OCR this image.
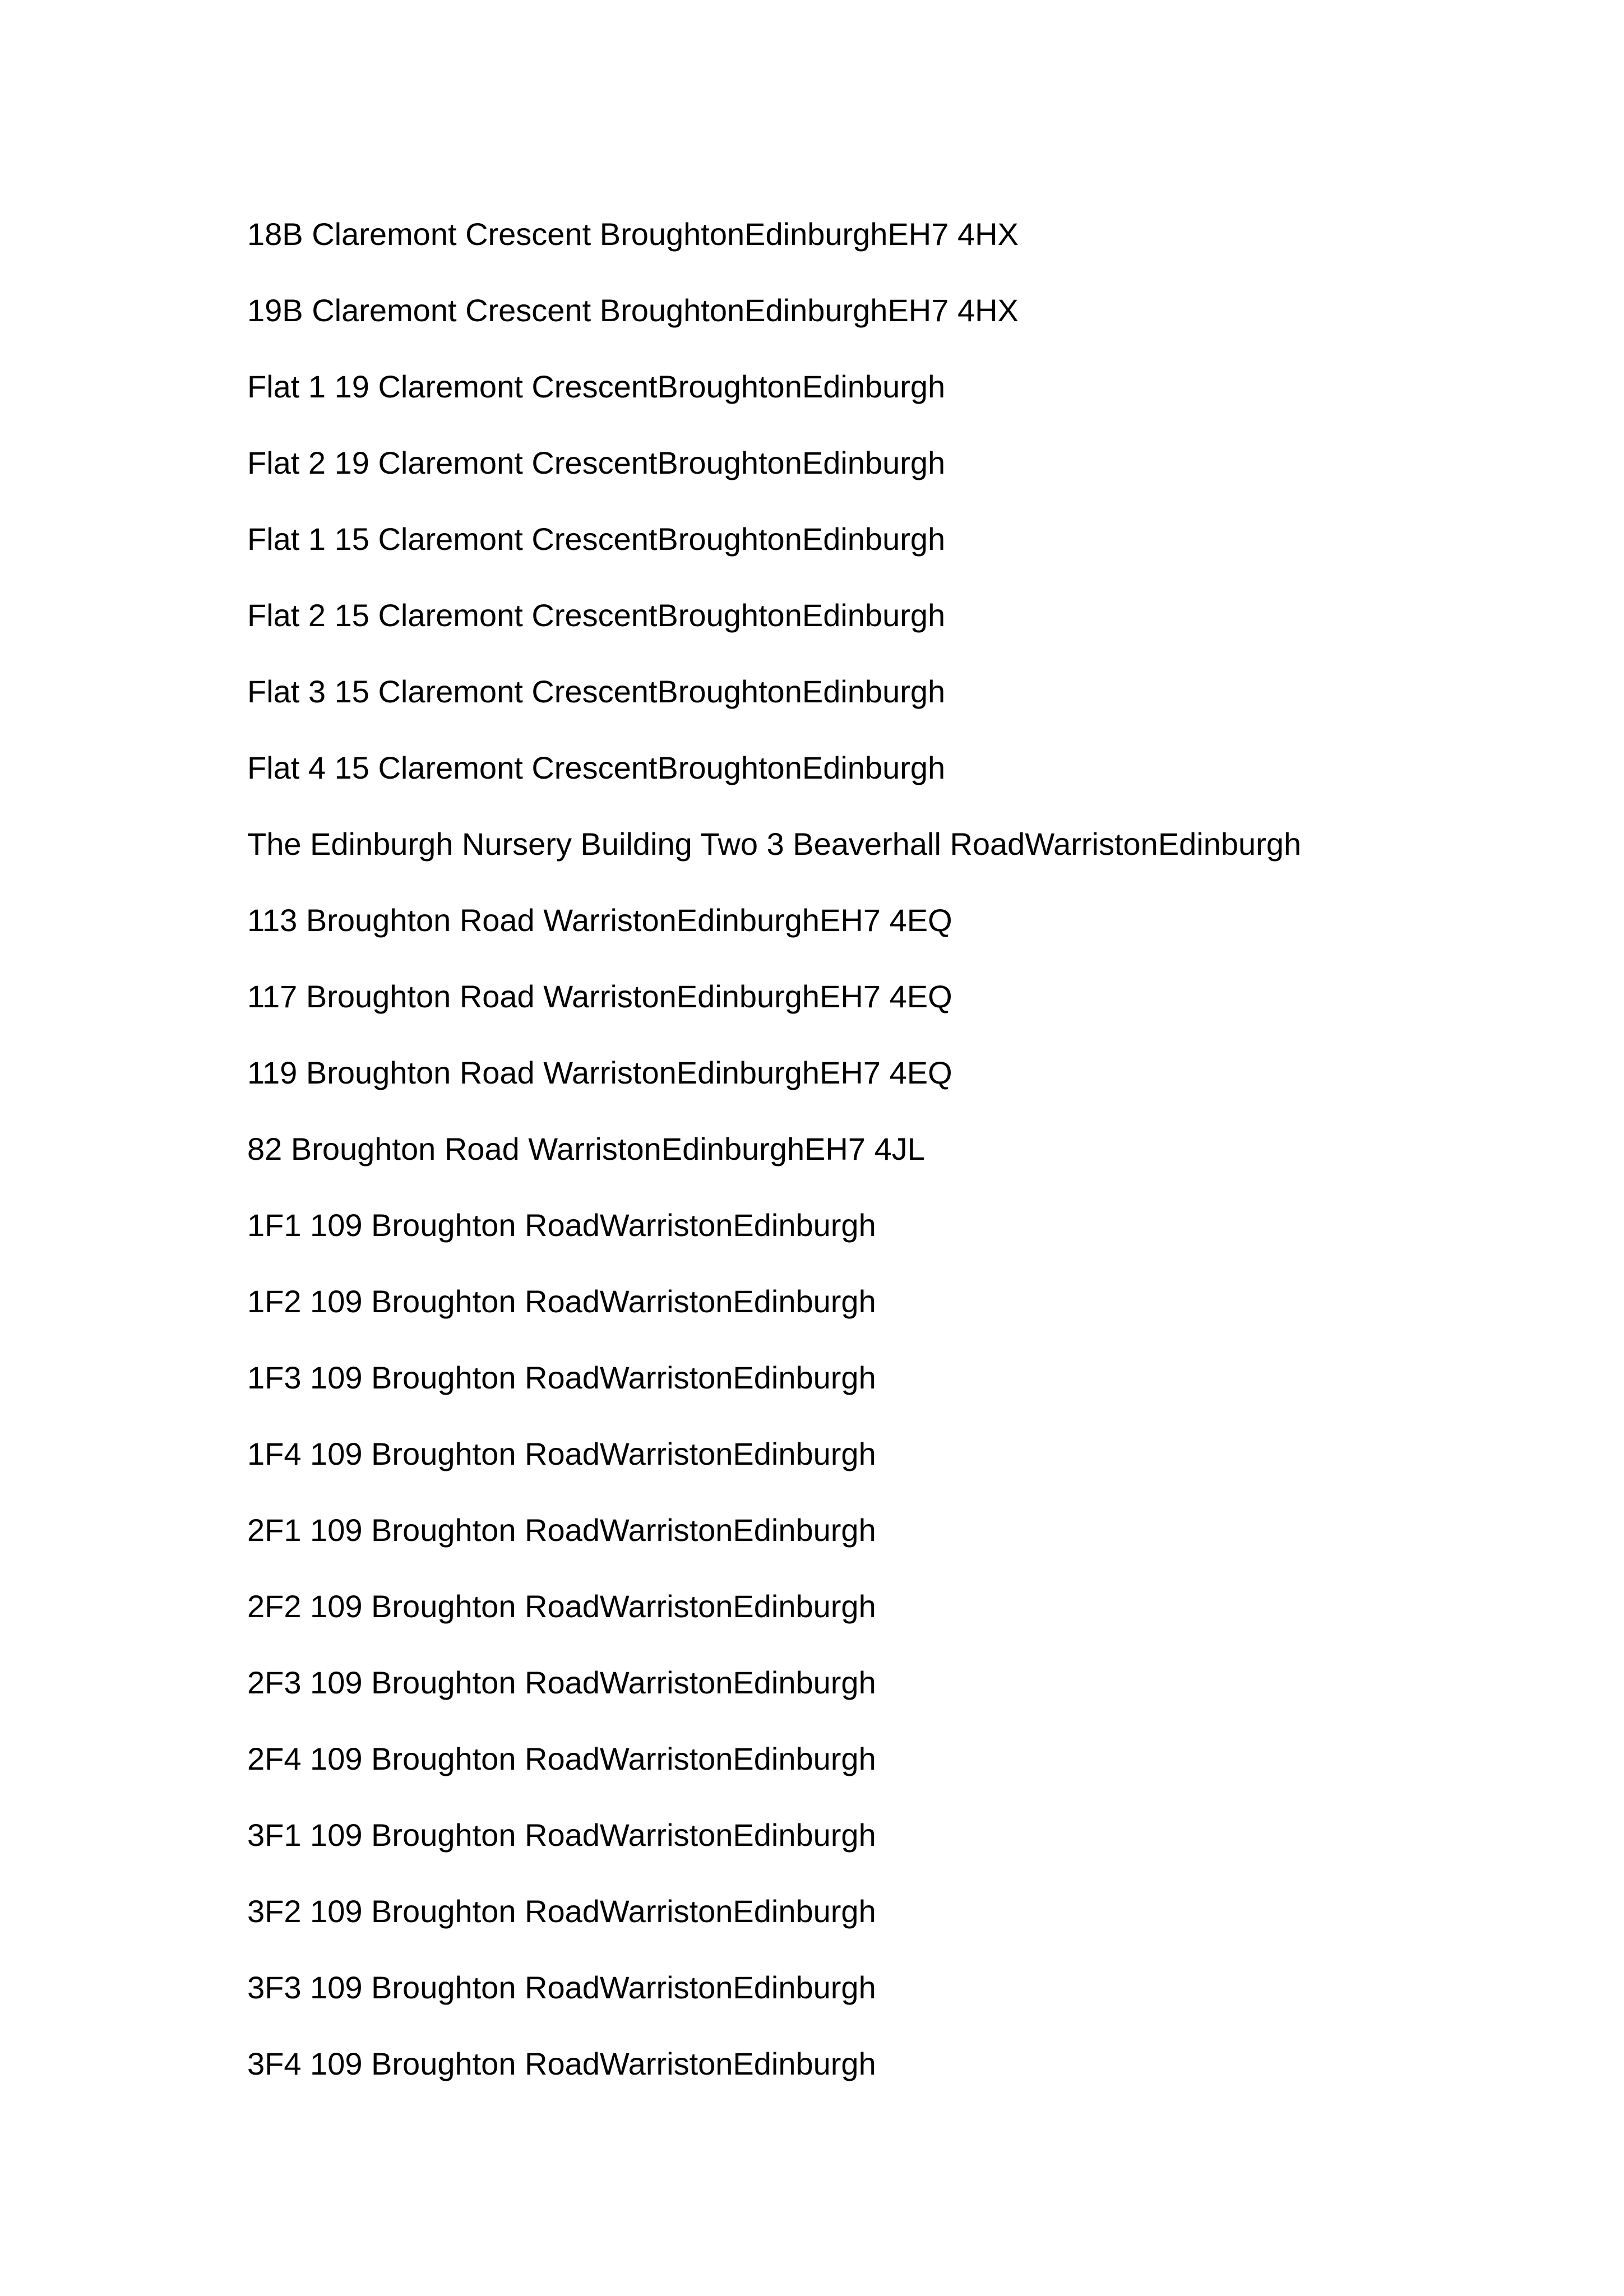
18B Claremont Crescent BroughtonEdinburghEH7 4HX
19B Claremont Crescent BroughtonEdinburghEH7 4HX
Flat 1 19 Claremont CrescentBroughtonEdinburgh
Flat 2 19 Claremont CrescentBroughtonEdinburgh
Flat 1 15 Claremont CrescentBroughtonEdinburgh
Flat 2 15 Claremont CrescentBroughtonEdinburgh
Flat 3 15 Claremont CrescentBroughtonEdinburgh
Flat 4 15 Claremont CrescentBroughtonEdinburgh
The Edinburgh Nursery Building Two 3 Beaverhall RoadWarristonEdinburgh
113 Broughton Road WarristonEdinburghEH7 4EQ
117 Broughton Road WarristonEdinburghEH7 4EQ
119 Broughton Road WarristonEdinburghEH7 4EQ
82 Broughton Road WarristonEdinburghEH7 4JL
1F1 109 Broughton RoadWarristonEdinburgh
1F2 109 Broughton RoadWarristonEdinburgh
1F3 109 Broughton RoadWarristonEdinburgh
1F4 109 Broughton RoadWarristonEdinburgh
2F1 109 Broughton RoadWarristonEdinburgh
2F2 109 Broughton RoadWarristonEdinburgh
2F3 109 Broughton RoadWarristonEdinburgh
2F4 109 Broughton RoadWarristonEdinburgh
3F1 109 Broughton RoadWarristonEdinburgh
3F2 109 Broughton RoadWarristonEdinburgh
3F3 109 Broughton RoadWarristonEdinburgh
3F4 109 Broughton RoadWarristonEdinburgh
